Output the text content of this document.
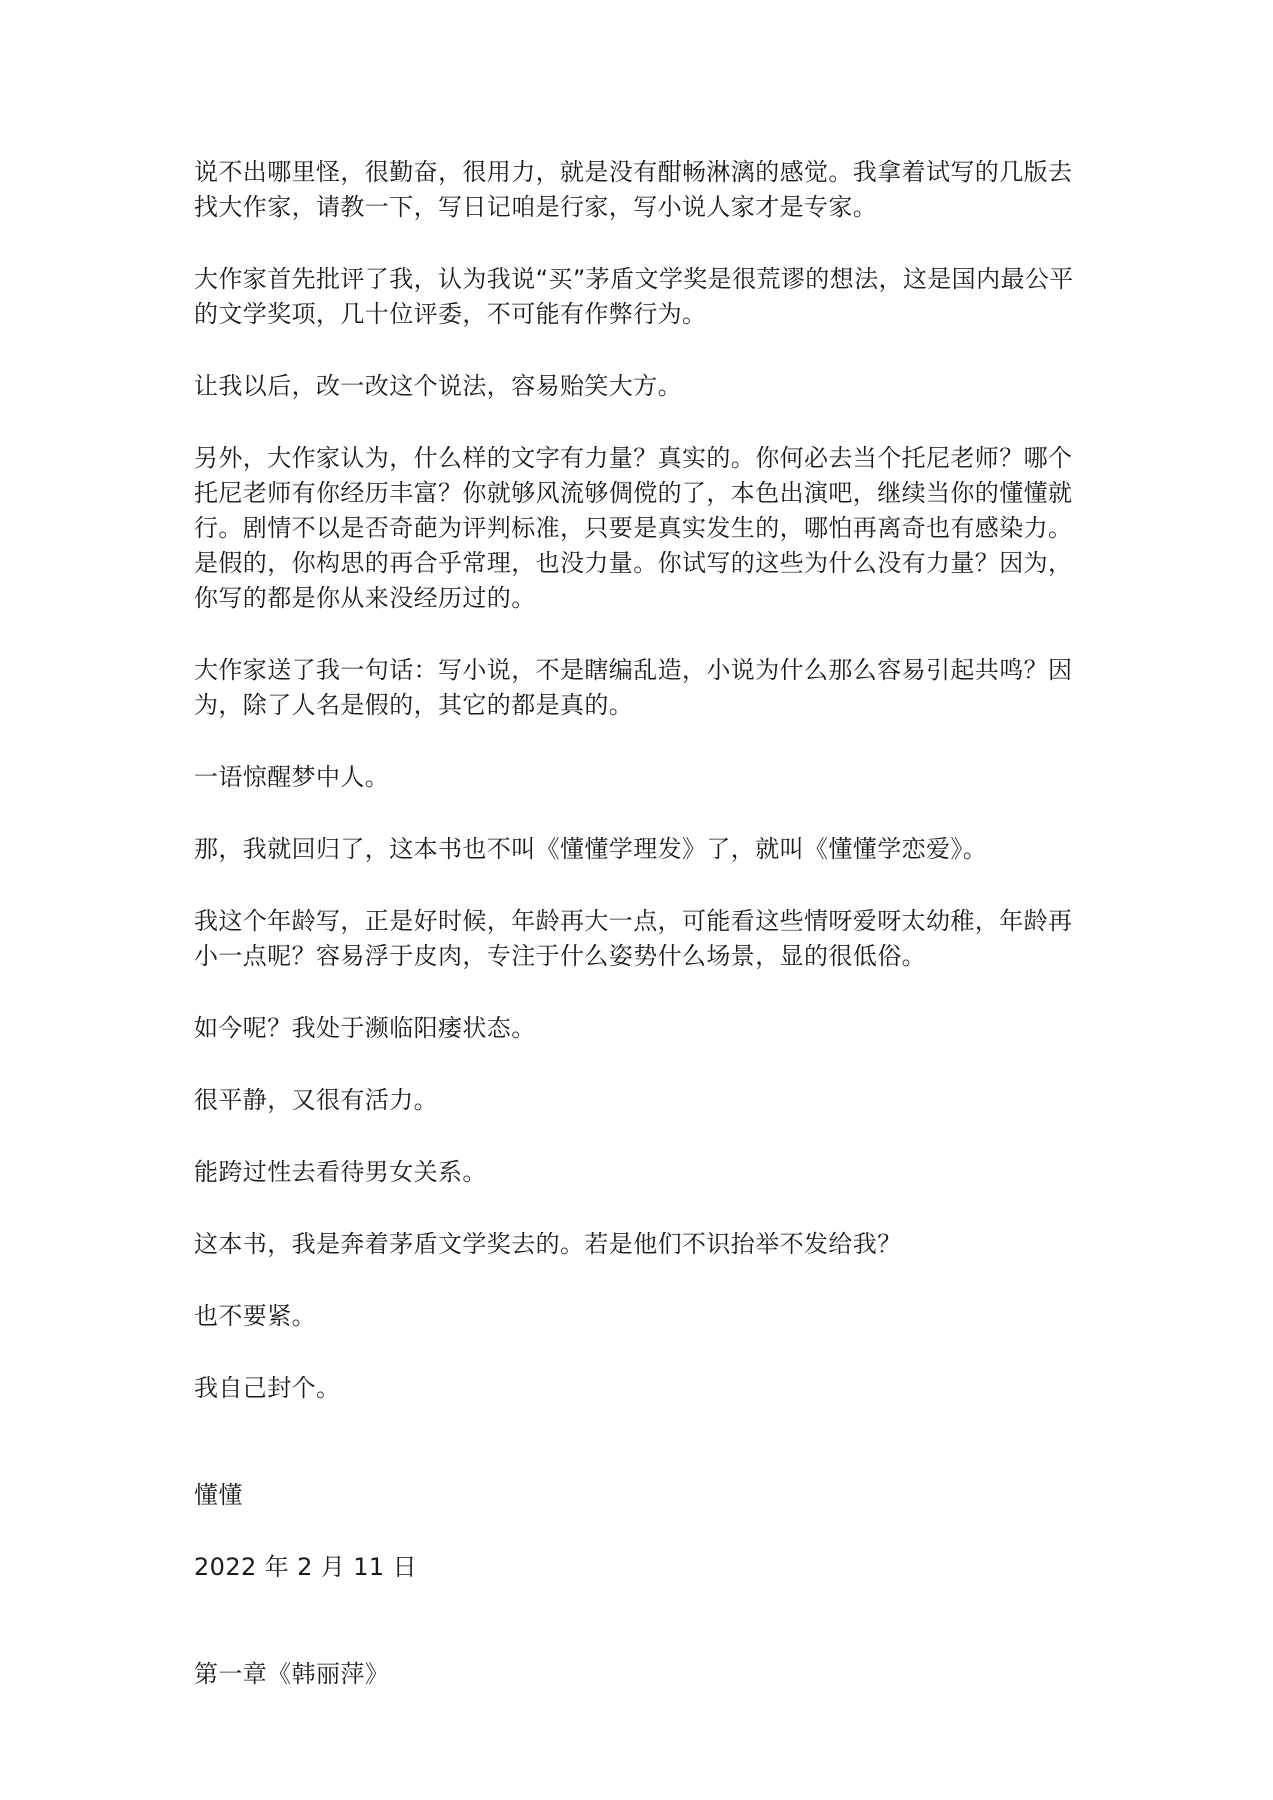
说不出哪里怪，很勤奋，很用力，就是没有酣畅淋漓的感觉。我拿着试写的几版去找大作家，请教一下，写日记咱是行家，写小说人家才是专家。

大作家首先批评了我，认为我说“买”茅盾文学奖是很荒谬的想法，这是国内最公平的文学奖项，几十位评委，不可能有作弊行为。

让我以后，改一改这个说法，容易贻笑大方。

另外，大作家认为，什么样的文字有力量？真实的。你何必去当个托尼老师？哪个托尼老师有你经历丰富？你就够风流够倜傥的了，本色出演吧，继续当你的懂懂就行。剧情不以是否奇葩为评判标准，只要是真实发生的，哪怕再离奇也有感染力。是假的，你构思的再合乎常理，也没力量。你试写的这些为什么没有力量？因为，你写的都是你从来没经历过的。

大作家送了我一句话：写小说，不是瞎编乱造，小说为什么那么容易引起共鸣？因为，除了人名是假的，其它的都是真的。

一语惊醒梦中人。

那，我就回归了，这本书也不叫《懂懂学理发》了，就叫《懂懂学恋爱》。

我这个年龄写，正是好时候，年龄再大一点，可能看这些情呀爱呀太幼稚，年龄再小一点呢？容易浮于皮肉，专注于什么姿势什么场景，显的很低俗。

如今呢？我处于濒临阳痿状态。

很平静，又很有活力。

能跨过性去看待男女关系。

这本书，我是奔着茅盾文学奖去的。若是他们不识抬举不发给我？

也不要紧。

我自己封个。

懂懂

2022 年 2 月 11 日

第一章《韩丽萍》
